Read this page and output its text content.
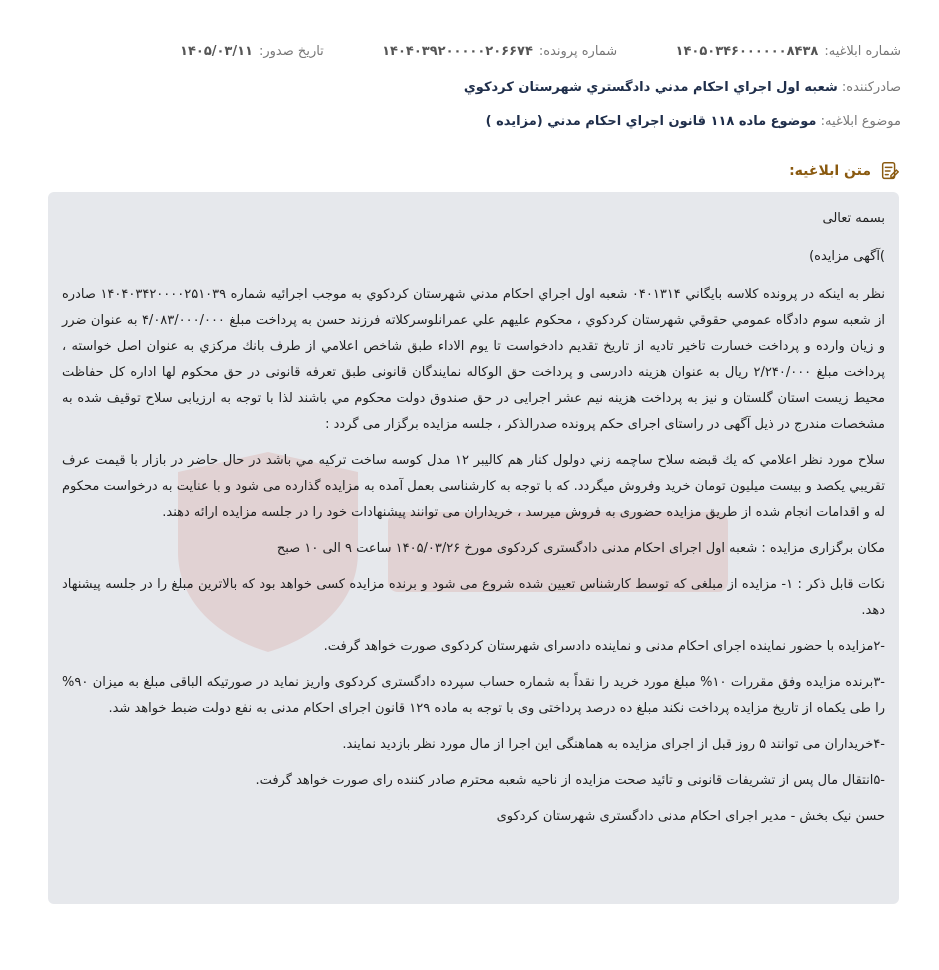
شماره ابلاغیه:
۱۴۰۵۰۳۴۶۰۰۰۰۰۰۸۴۳۸
شماره پرونده:
۱۴۰۴۰۳۹۲۰۰۰۰۰۲۰۶۶۷۴
تاریخ صدور:
۱۴۰۵/۰۳/۱۱
صادرکننده: شعبه اول اجراي احكام مدني دادگستري شهرستان كردكوي
موضوع ابلاغیه: موضوع ماده ۱۱۸ قانون اجراي احكام مدني (مزايده )
متن ابلاغیه:

بسمه تعالی

)آگهی مزایده)

نظر به اینکه در پرونده كلاسه بايگاني ۰۴۰۱۳۱۴ شعبه اول اجراي احكام مدني شهرستان كردكوي به موجب اجرائيه شماره ۱۴۰۴۰۳۴۲۰۰۰۰۲۵۱۰۳۹ صادره از شعبه سوم دادگاه عمومي حقوقي شهرستان كردكوي ، محكوم عليهم علي عمرانلوسركلاته فرزند حسن به پرداخت مبلغ ۴/۰۸۳/۰۰۰/۰۰۰ به عنوان ضرر و زیان وارده و پرداخت خسارت تاخیر تادیه از تاريخ تقديم دادخواست تا یوم الاداء طبق شاخص اعلامي از طرف بانك مركزي به عنوان اصل خواسته ، پرداخت مبلغ ۲/۲۴۰/۰۰۰ ریال به عنوان هزینه دادرسی و پرداخت حق الوکاله نمایندگان قانونی طبق تعرفه قانونی در حق محکوم لها اداره کل حفاظت محیط زیست استان گلستان و نیز به پرداخت هزینه نیم عشر اجرایی در حق صندوق دولت محكوم مي باشند لذا با توجه به ارزیابی سلاح توقیف شده به مشخصات مندرج در ذیل آگهی در راستای اجرای حکم پرونده صدرالذکر ، جلسه مزایده برگزار می گردد :

سلاح مورد نظر اعلامي كه يك قبضه سلاح ساچمه زني دولول كنار هم كاليبر ۱۲ مدل كوسه ساخت تركيه مي باشد در حال حاضر در بازار با قيمت عرف تقريبي يكصد و بيست ميليون تومان خريد وفروش ميگردد. كه با توجه به كارشناسی بعمل آمده به مزایده گذارده می شود و با عنایت به درخواست محکوم له و اقدامات انجام شده از طریق مزایده حضوری به فروش میرسد ، خریداران می توانند پیشنهادات خود را در جلسه مزایده ارائه دهند.

مکان برگزاری مزایده : شعبه اول اجرای احکام مدنی دادگستری کردکوی مورخ ۱۴۰۵/۰۳/۲۶ ساعت ۹ الی ۱۰ صبح

نکات قابل ذکر : ۱- مزایده از مبلغی که توسط کارشناس تعیین شده شروع می شود و برنده مزایده کسی خواهد بود که بالاترین مبلغ را در جلسه پیشنهاد دهد.

-۲مزایده با حضور نماینده اجرای احکام مدنی و نماینده دادسرای شهرستان کردکوی صورت خواهد گرفت.

-۳برنده مزایده وفق مقررات ۱۰% مبلغ مورد خرید را نقداً به شماره حساب سپرده دادگستری کردکوی واریز نماید در صورتیکه الباقی مبلغ به میزان ۹۰% را طی یکماه از تاریخ مزایده پرداخت نکند مبلغ ده درصد پرداختی وی با توجه به ماده ۱۲۹ قانون اجرای احکام مدنی به نفع دولت ضبط خواهد شد.

-۴خریداران می توانند ۵ روز قبل از اجرای مزایده به هماهنگی این اجرا از مال مورد نظر بازدید نمایند.

-۵انتقال مال پس از تشریفات قانونی و تائید صحت مزایده از ناحیه شعبه محترم صادر کننده رای صورت خواهد گرفت.

حسن نیک بخش - مدیر اجرای احکام مدنی دادگستری شهرستان کردکوی
